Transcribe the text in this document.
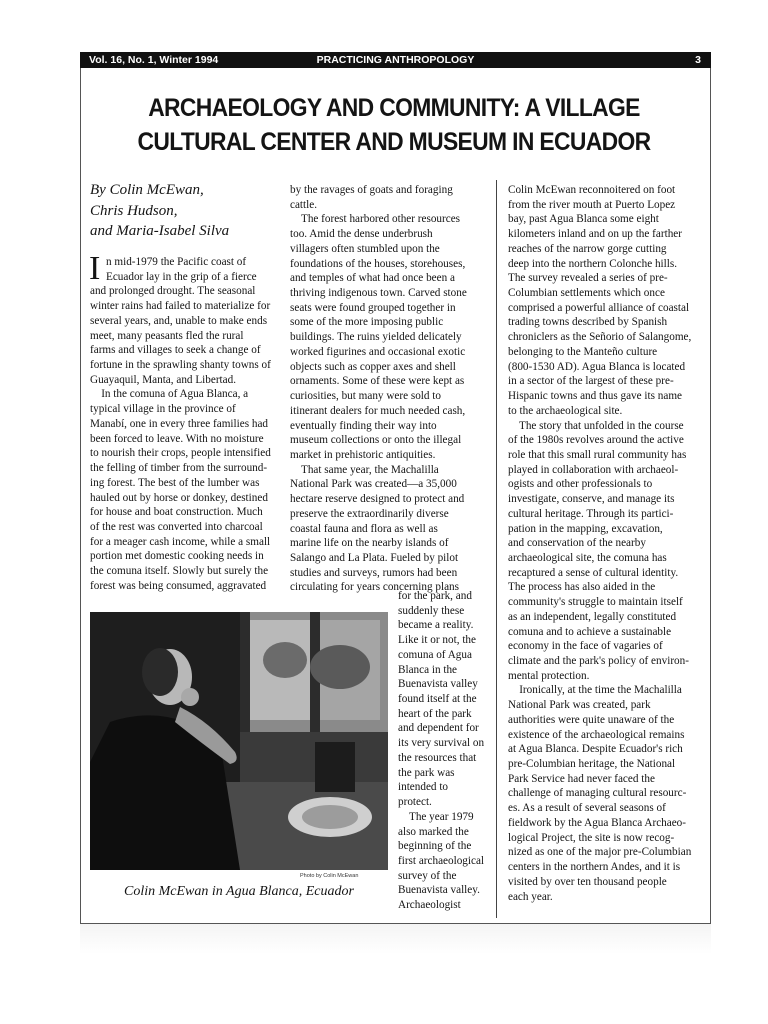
Vol. 16, No. 1, Winter 1994	PRACTICING ANTHROPOLOGY	3
ARCHAEOLOGY AND COMMUNITY: A VILLAGE
CULTURAL CENTER AND MUSEUM IN ECUADOR
By Colin McEwan,
Chris Hudson,
and Maria-Isabel Silva
I n mid-1979 the Pacific coast of
Ecuador lay in the grip of a fierce
and prolonged drought. The seasonal
winter rains had failed to materialize for
several years, and, unable to make ends
meet, many peasants fled the rural
farms and villages to seek a change of
fortune in the sprawling shanty towns of
Guayaquil, Manta, and Libertad.
In the comuna of Agua Blanca, a
typical village in the province of
Manabí, one in every three families had
been forced to leave. With no moisture
to nourish their crops, people intensified
the felling of timber from the surround-
ing forest. The best of the lumber was
hauled out by horse or donkey, destined
for house and boat construction. Much
of the rest was converted into charcoal
for a meager cash income, while a small
portion met domestic cooking needs in
the comuna itself. Slowly but surely the
forest was being consumed, aggravated
by the ravages of goats and foraging
cattle.
The forest harbored other resources
too. Amid the dense underbrush
villagers often stumbled upon the
foundations of the houses, storehouses,
and temples of what had once been a
thriving indigenous town. Carved stone
seats were found grouped together in
some of the more imposing public
buildings. The ruins yielded delicately
worked figurines and occasional exotic
objects such as copper axes and shell
ornaments. Some of these were kept as
curiosities, but many were sold to
itinerant dealers for much needed cash,
eventually finding their way into
museum collections or onto the illegal
market in prehistoric antiquities.
That same year, the Machalilla
National Park was created—a 35,000
hectare reserve designed to protect and
preserve the extraordinarily diverse
coastal fauna and flora as well as
marine life on the nearby islands of
Salango and La Plata. Fueled by pilot
studies and surveys, rumors had been
circulating for years concerning plans
for the park, and
suddenly these
became a reality.
Like it or not, the
comuna of Agua
Blanca in the
Buenavista valley
found itself at the
heart of the park
and dependent for
its very survival on
the resources that
the park was
intended to
protect.
The year 1979
also marked the
beginning of the
first archaeological
survey of the
Buenavista valley.
Archaeologist
Colin McEwan reconnoitered on foot
from the river mouth at Puerto Lopez
bay, past Agua Blanca some eight
kilometers inland and on up the farther
reaches of the narrow gorge cutting
deep into the northern Colonche hills.
The survey revealed a series of pre-
Columbian settlements which once
comprised a powerful alliance of coastal
trading towns described by Spanish
chroniclers as the Señorio of Salangome,
belonging to the Manteño culture
(800-1530 AD). Agua Blanca is located
in a sector of the largest of these pre-
Hispanic towns and thus gave its name
to the archaeological site.
The story that unfolded in the course
of the 1980s revolves around the active
role that this small rural community has
played in collaboration with archaeol-
ogists and other professionals to
investigate, conserve, and manage its
cultural heritage. Through its partici-
pation in the mapping, excavation,
and conservation of the nearby
archaeological site, the comuna has
recaptured a sense of cultural identity.
The process has also aided in the
community's struggle to maintain itself
as an independent, legally constituted
comuna and to achieve a sustainable
economy in the face of vagaries of
climate and the park's policy of environ-
mental protection.
Ironically, at the time the Machalilla
National Park was created, park
authorities were quite unaware of the
existence of the archaeological remains
at Agua Blanca. Despite Ecuador's rich
pre-Columbian heritage, the National
Park Service had never faced the
challenge of managing cultural resourc-
es. As a result of several seasons of
fieldwork by the Agua Blanca Archaeo-
logical Project, the site is now recog-
nized as one of the major pre-Columbian
centers in the northern Andes, and it is
visited by over ten thousand people
each year.
Photo by Colin McEwan
Colin McEwan in Agua Blanca, Ecuador
